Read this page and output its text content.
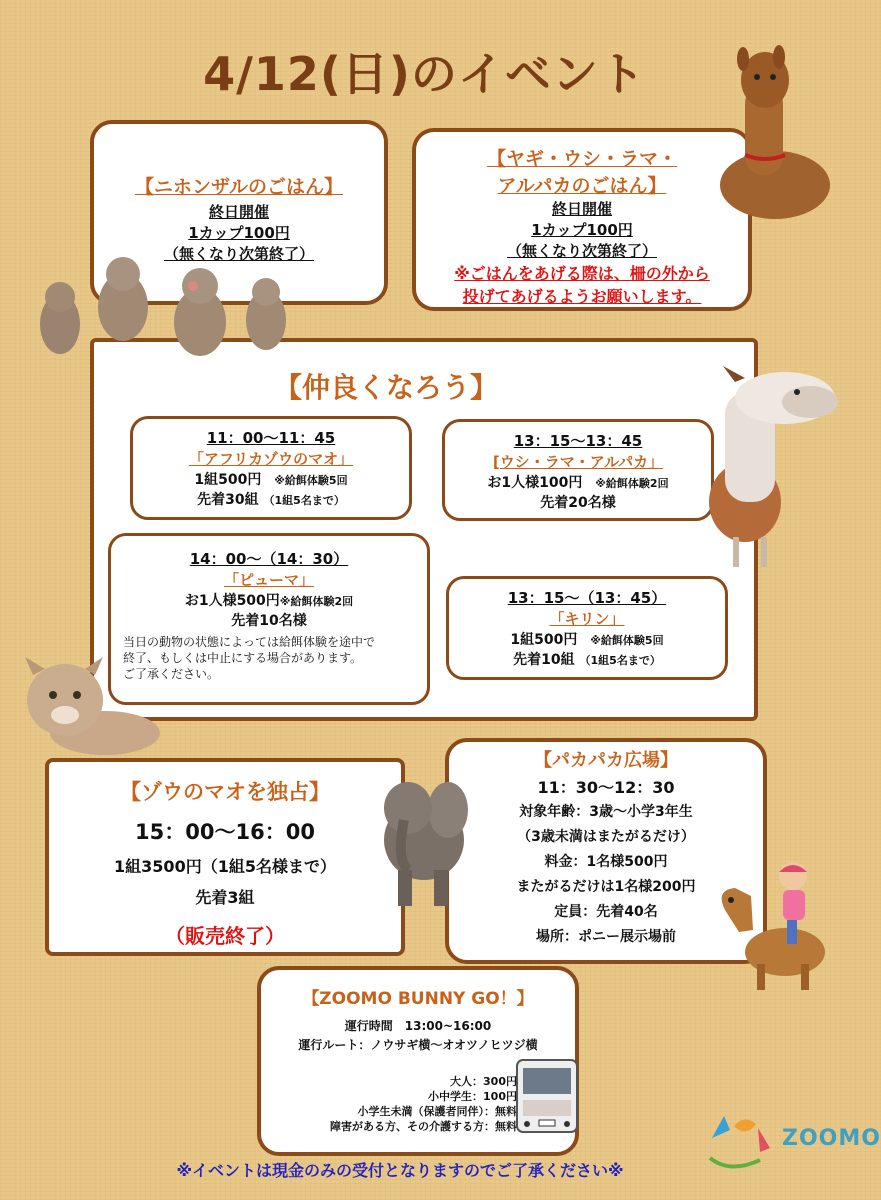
4/12(日)のイベント
【ニホンザルのごはん】
終日開催
1カップ100円
（無くなり次第終了）
【ヤギ・ウシ・ラマ・
アルパカのごはん】
終日開催
1カップ100円
（無くなり次第終了）
※ごはんをあげる際は、柵の外から
投げてあげるようお願いします。
【仲良くなろう】
11：00〜11：45
「アフリカゾウのマオ」
1組500円 ※給餌体験5回
先着30組 （1組5名まで）
13：15〜13：45
[ウシ・ラマ・アルパカ」
お1人様100円 ※給餌体験2回
先着20名様
14：00〜（14：30）
「ピューマ」
お1人様500円※給餌体験2回
先着10名様
当日の動物の状態によっては給餌体験を途中で
終了、もしくは中止にする場合があります。
ご了承ください。
13：15〜（13：45）
「キリン」
1組500円 ※給餌体験5回
先着10組 （1組5名まで）
【ゾウのマオを独占】
15：00〜16：00
1組3500円（1組5名様まで）
先着3組
（販売終了）
【パカパカ広場】
11：30〜12：30
対象年齢：3歳〜小学3年生
（3歳未満はまたがるだけ）
料金：1名様500円
またがるだけは1名様200円
定員：先着40名
場所：ポニー展示場前
【ZOOMO BUNNY GO！】
運行時間　13:00~16:00
運行ルート：ノウサギ横〜オオツノヒツジ横
大人：300円
小中学生：100円
小学生未満（保護者同伴）：無料
障害がある方、その介護する方：無料	ZOOMO
※イベントは現金のみの受付となりますのでご了承ください※
